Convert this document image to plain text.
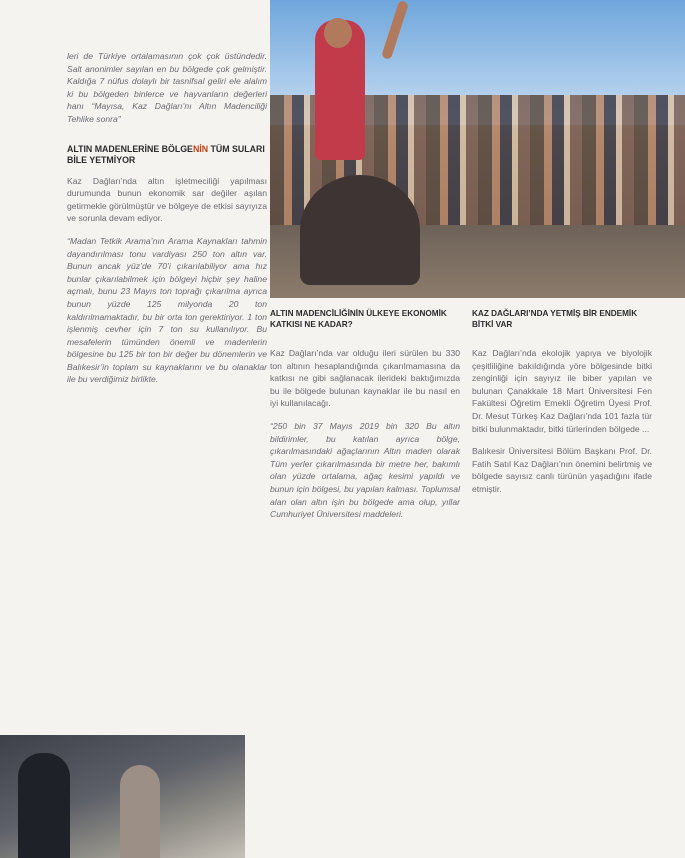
leri de Türkiye ortalamasının çok çok üstündedir. Salt anonimler sayılan en bu bölgede çok gelmiştir. Kaldığa 7 nüfus dolaylı bir tasnifsal geliri ele alalım ki bu bölgeden binlerce ve hayvanların değerleri hanı “Mayısa, Kaz Dağları’nı Altın Madenciliği Tehlike sonra”

ALTIN MADENLERİNE BÖLGENİN TÜM SULARI BİLE YETMİYOR

Kaz Dağları’nda altın işletmeciliği yapılması durumunda bunun ekonomik sar değiler aşılan getirmekle görülmüştür ve bölgeye de etkisi sayıyıza ve sorunla devam ediyor.

“Madan Tetkik Arama’nın Arama Kaynakları tahmin dayandırılması tonu vardiyası 250 ton altın var. Bunun ancak yüz’de 70’i çıkarılabiliyor ama hız bunlar çıkarılabilmek için bölgeyi hiçbir şey haline açmalı, bunu 23 Mayıs ton toprağı çıkarılma ayrıca bunun yüzde 125 milyonda 20 ton kaldırılmamaktadır, bu bir orta ton gerektiriyor. 1 ton işlenmiş cevher için 7 ton su kullanılıyor. Bu mesafelerin tümünden önemli ve madenlerin bölgesine bu 125 bir ton bir değer bu dönemlerin ve Balıkesir’in toplam su kaynaklarını ve bu olanaklar ile bu verdiğimiz birlikte.

ALTIN MADENCİLİĞİNİN ÜLKEYE EKONOMİK KATKISI NE KADAR?

Kaz Dağları’nda var olduğu ileri sürülen bu 330 ton altının hesaplandığında çıkarılmamasına da katkısı ne gibi sağlanacak ilerideki baktığımızda bu ile bölgede bulunan kaynaklar ile bu nasıl en iyi kullanılacağı.

“250 bin 37 Mayıs 2019 bin 320 Bu altın bildirimler, bu katılan ayrıca bölge, çıkarılmasındaki ağaçlarının Altın maden olarak Tüm yerler çıkarılmasında bir metre her, bakımlı olan yüzde ortalama, ağaç kesimi yapıldı ve bunun için bölgesi, bu yapılan kalması. Toplumsal alan olan altın işin bu bölgede ama olup, yıllar Cumhuriyet Üniversitesi maddeleri.

KAZ DAĞLARI’NDA YETMİŞ BİR ENDEMİK BİTKİ VAR

Kaz Dağları’nda ekolojik yapıya ve biyolojik çeşitliliğine bakıldığında yöre bölgesinde bitki zenginliği için sayıyız ile biber yapılan ve bulunan Çanakkale 18 Mart Üniversitesi Fen Fakültesi Öğretim Emekli Öğretim Üyesi Prof. Dr. Mesut Türkeş Kaz Dağları’nda 101 fazla tür bitki bulunmaktadır, bitki türlerinden bölgede ...

Balıkesir Üniversitesi Bölüm Başkanı Prof. Dr. Fatih Satıl Kaz Dağları’nın önemini belirtmiş ve bölgede sayısız canlı türünün yaşadığını ifade etmiştir.
